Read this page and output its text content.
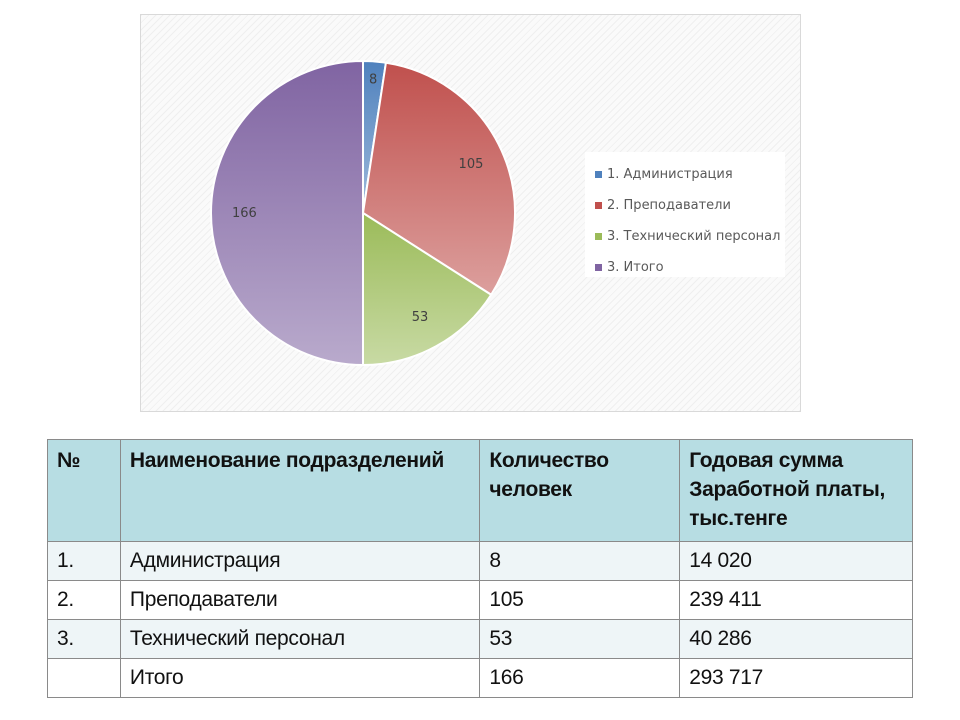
8
105
53
166
1. Администрация
2. Преподаватели
3. Технический персонал
3. Итого
№	Наименование подразделений	Количество человек	Годовая сумма Заработной платы, тыс.тенге
1.	Администрация	8	14 020
2.	Преподаватели	105	239 411
3.	Технический персонал	53	40 286
	Итого	166	293 717
